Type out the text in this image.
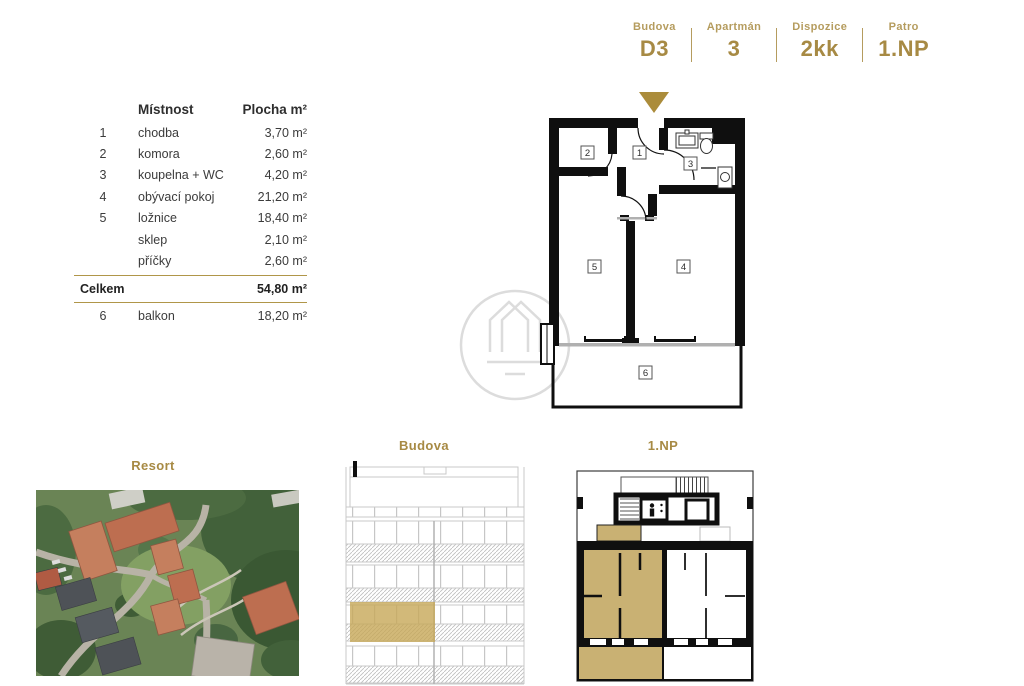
Budova
D3
Apartmán
3
Dispozice
2kk
Patro
1.NP
Místnost	Plocha m²
1	chodba	3,70 m²
2	komora	2,60 m²
3	koupelna + WC	4,20 m²
4	obývací pokoj	21,20 m²
5	ložnice	18,40 m²
sklep	2,10 m²
příčky	2,60 m²
Celkem	54,80 m²
6	balkon	18,20 m²
2	1
3
5	4
6
Resort
Budova	1.NP
